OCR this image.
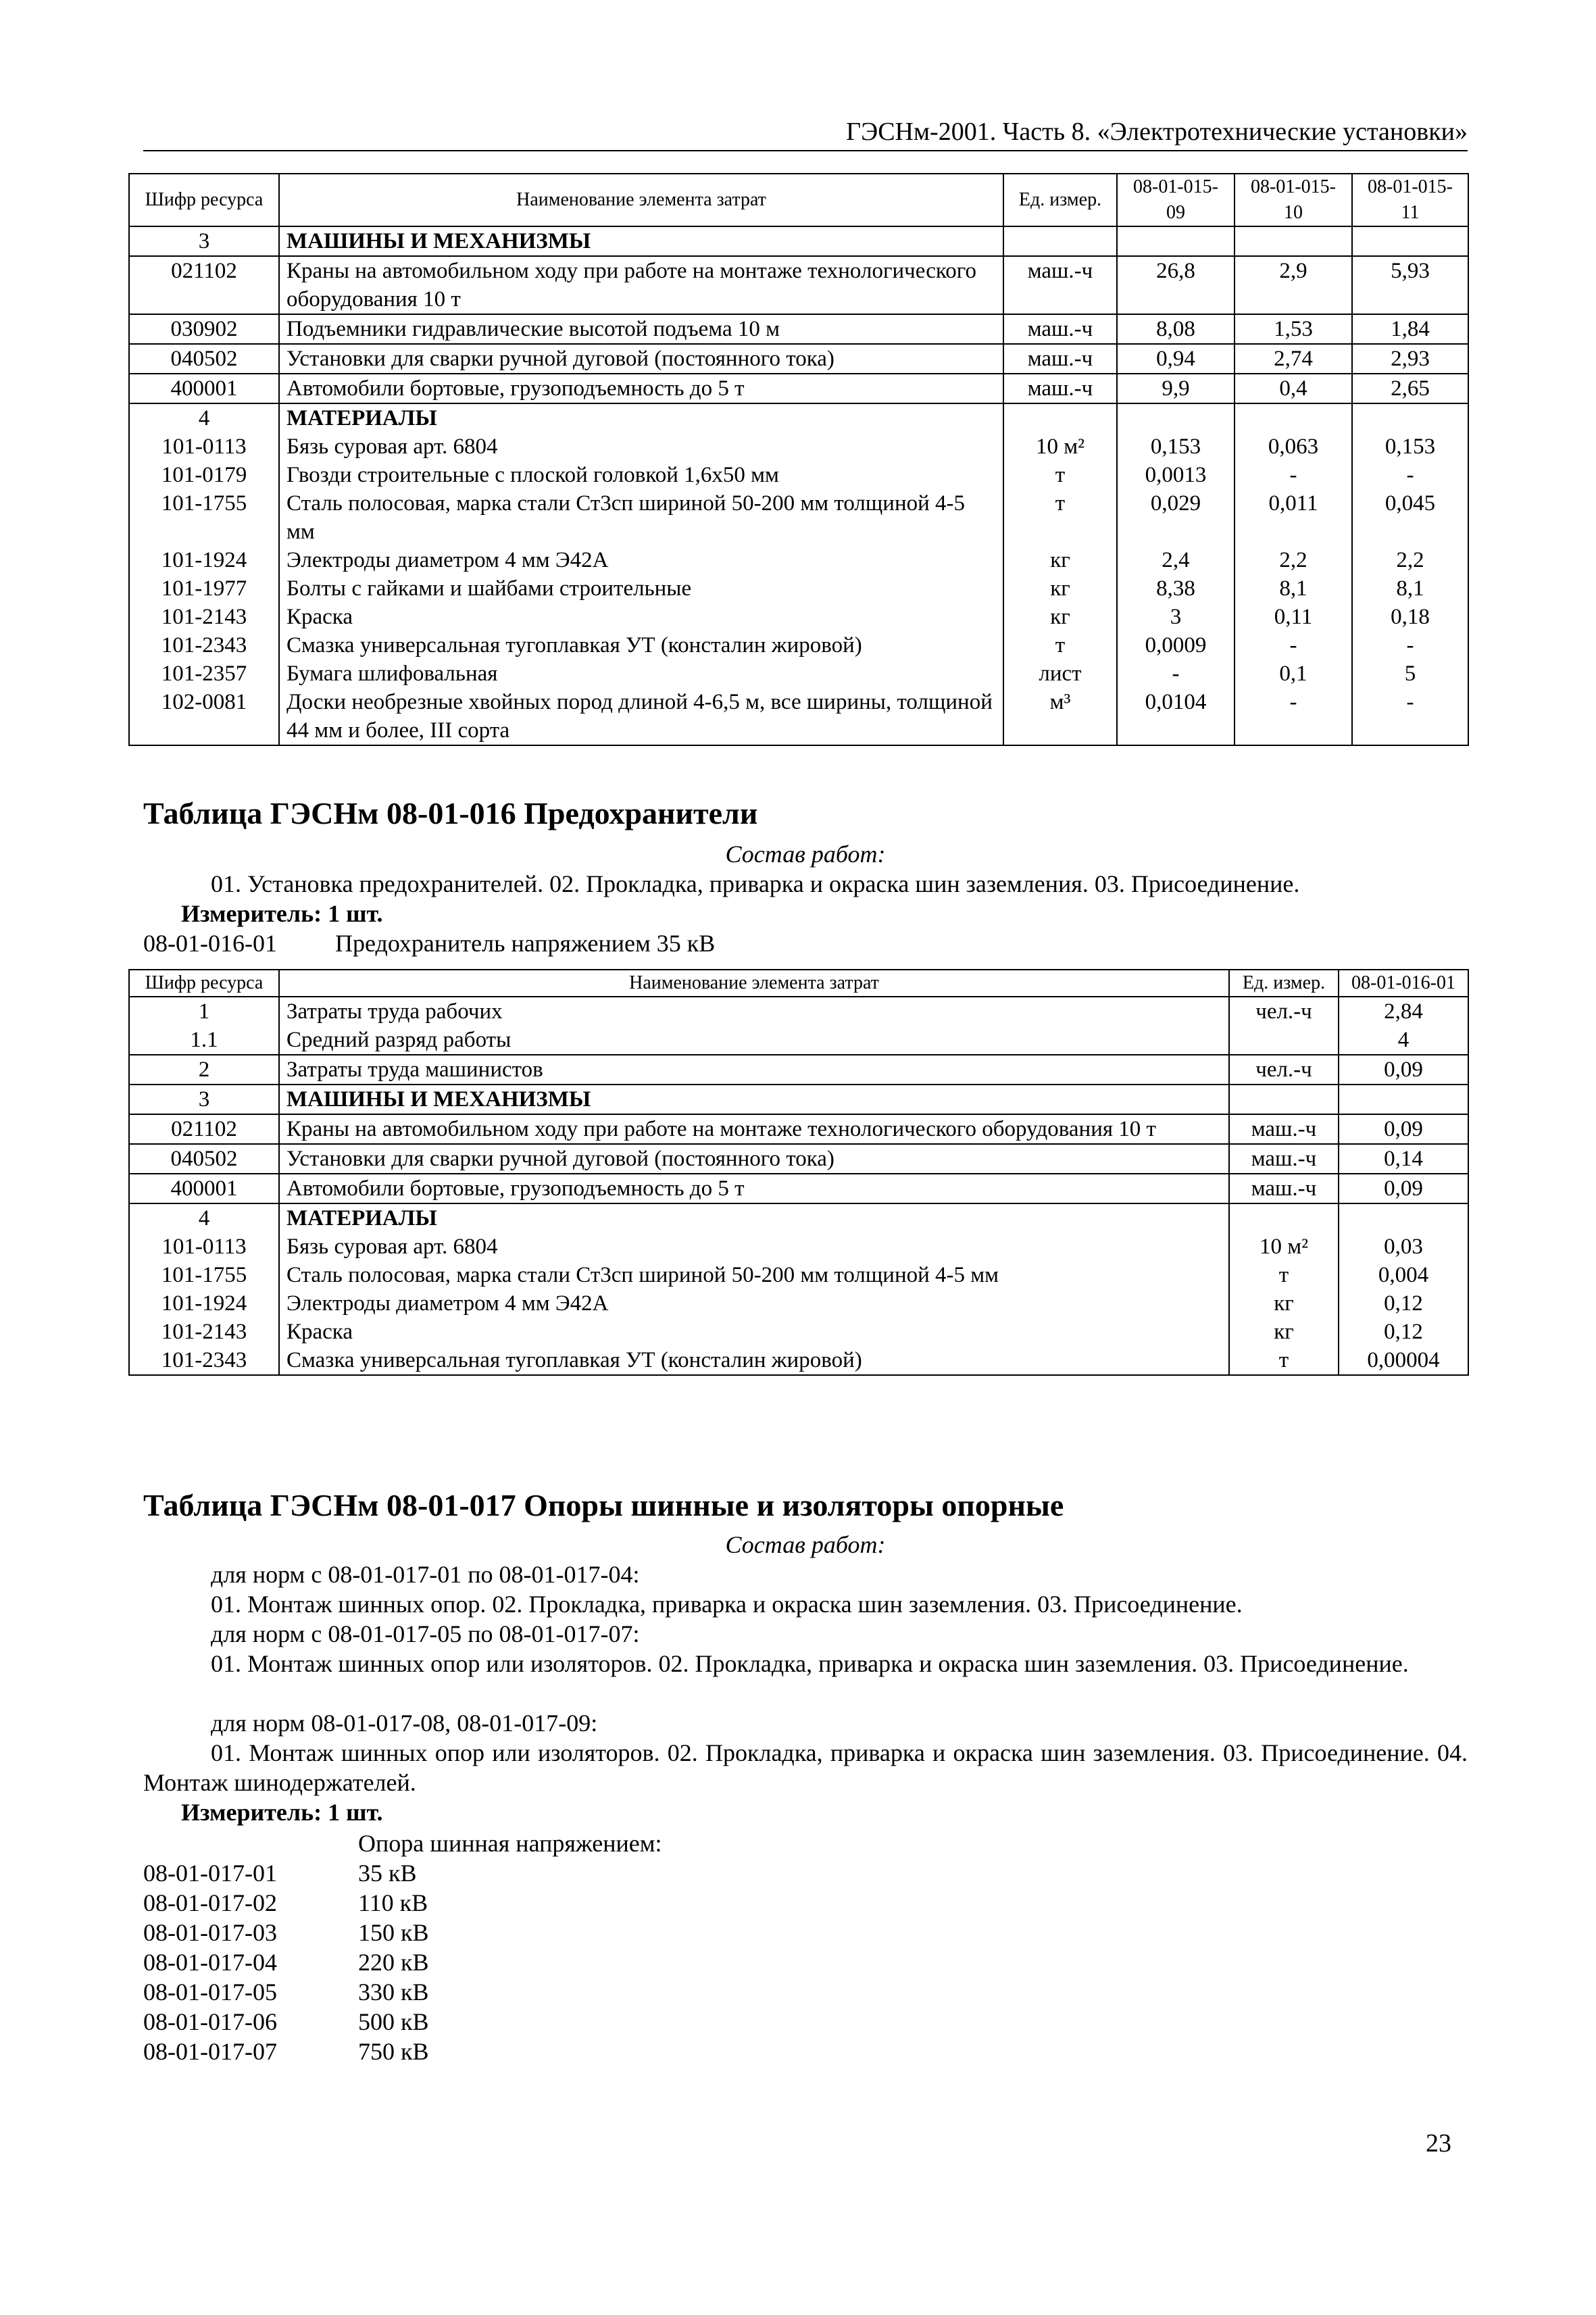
ГЭСНм-2001. Часть 8. «Электротехнические установки»
Шифр ресурса	Наименование элемента затрат	Ед. измер.	08-01-015-09	08-01-015-10	08-01-015-11
3	МАШИНЫ И МЕХАНИЗМЫ				
021102	Краны на автомобильном ходу при работе на монтаже технологического оборудования 10 т	маш.-ч	26,8	2,9	5,93
030902	Подъемники гидравлические высотой подъема 10 м	маш.-ч	8,08	1,53	1,84
040502	Установки для сварки ручной дуговой (постоянного тока)	маш.-ч	0,94	2,74	2,93
400001	Автомобили бортовые, грузоподъемность до 5 т	маш.-ч	9,9	0,4	2,65
4	МАТЕРИАЛЫ				
101-0113	Бязь суровая арт. 6804	10 м²	0,153	0,063	0,153
101-0179	Гвозди строительные с плоской головкой 1,6х50 мм	т	0,0013	-	-
101-1755	Сталь полосовая, марка стали Ст3сп шириной 50-200 мм толщиной 4-5 мм	т	0,029	0,011	0,045
101-1924	Электроды диаметром 4 мм Э42А	кг	2,4	2,2	2,2
101-1977	Болты с гайками и шайбами строительные	кг	8,38	8,1	8,1
101-2143	Краска	кг	3	0,11	0,18
101-2343	Смазка универсальная тугоплавкая УТ (консталин жировой)	т	0,0009	-	-
101-2357	Бумага шлифовальная	лист	-	0,1	5
102-0081	Доски необрезные хвойных пород длиной 4-6,5 м, все ширины, толщиной 44 мм и более, III сорта	м³	0,0104	-	-
Таблица ГЭСНм 08-01-016 Предохранители
Состав работ:
01. Установка предохранителей. 02. Прокладка, приварка и окраска шин заземления. 03. Присоединение.
Измеритель: 1 шт.
08-01-016-01 Предохранитель напряжением 35 кВ
Шифр ресурса	Наименование элемента затрат	Ед. измер.	08-01-016-01
1	Затраты труда рабочих	чел.-ч	2,84
1.1	Средний разряд работы		4
2	Затраты труда машинистов	чел.-ч	0,09
3	МАШИНЫ И МЕХАНИЗМЫ		
021102	Краны на автомобильном ходу при работе на монтаже технологического оборудования 10 т	маш.-ч	0,09
040502	Установки для сварки ручной дуговой (постоянного тока)	маш.-ч	0,14
400001	Автомобили бортовые, грузоподъемность до 5 т	маш.-ч	0,09
4	МАТЕРИАЛЫ		
101-0113	Бязь суровая арт. 6804	10 м²	0,03
101-1755	Сталь полосовая, марка стали Ст3сп шириной 50-200 мм толщиной 4-5 мм	т	0,004
101-1924	Электроды диаметром 4 мм Э42А	кг	0,12
101-2143	Краска	кг	0,12
101-2343	Смазка универсальная тугоплавкая УТ (консталин жировой)	т	0,00004
Таблица ГЭСНм 08-01-017 Опоры шинные и изоляторы опорные
Состав работ:
для норм с 08-01-017-01 по 08-01-017-04:
01. Монтаж шинных опор. 02. Прокладка, приварка и окраска шин заземления. 03. Присоединение.
для норм с 08-01-017-05 по 08-01-017-07:
01. Монтаж шинных опор или изоляторов. 02. Прокладка, приварка и окраска шин заземления. 03. Присоединение.
для норм 08-01-017-08, 08-01-017-09:
01. Монтаж шинных опор или изоляторов. 02. Прокладка, приварка и окраска шин заземления. 03. Присоединение. 04. Монтаж шинодержателей.
Измеритель: 1 шт.
Опора шинная напряжением:
08-01-017-01	35 кВ
08-01-017-02	110 кВ
08-01-017-03	150 кВ
08-01-017-04	220 кВ
08-01-017-05	330 кВ
08-01-017-06	500 кВ
08-01-017-07	750 кВ
23
